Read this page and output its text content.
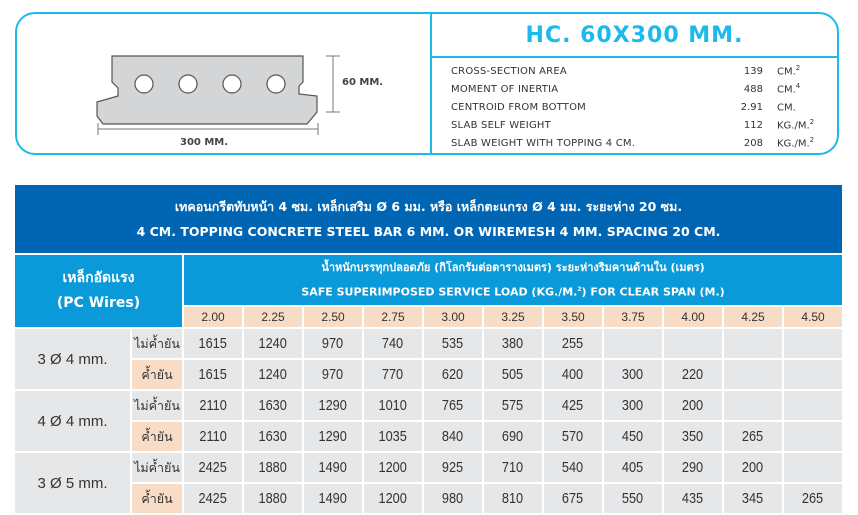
60 MM.
300 MM.
HC. 60X300 MM.
CROSS-SECTION AREA	139 CM.$^2$
MOMENT OF INERTIA	488 CM.$^4$
CENTROID FROM BOTTOM	2.91 CM.
SLAB SELF WEIGHT	112 KG./M.$^2$
SLAB WEIGHT WITH TOPPING 4 CM.	208 KG./M.$^2$
เทคอนกรีตทับหน้า 4 ซม. เหล็กเสริม Ø 6 มม. หรือ เหล็กตะแกรง Ø 4 มม. ระยะห่าง 20 ซม.
4 CM. TOPPING CONCRETE STEEL BAR 6 MM. OR WIREMESH 4 MM. SPACING 20 CM.
เหล็กอัดแรง
(PC Wires)
น้ำหนักบรรทุกปลอดภัย (กิโลกรัมต่อตารางเมตร) ระยะห่างริมคานด้านใน (เมตร)
SAFE SUPERIMPOSED SERVICE LOAD (KG./M.$^2$) FOR CLEAR SPAN (M.)
2.00	2.25	2.50	2.75	3.00	3.25	3.50	3.75	4.00	4.25	4.50
3 Ø 4 mm.
ไม่ค้ำยัน 1615 1240 970	740	535	380	255
ค้ำยัน	1615 1240 970	770	620	505	400	300	220
4 Ø 4 mm.
ไม่ค้ำยัน 2110 1630 1290 1010 765	575	425	300	200
ค้ำยัน	2110 1630 1290 1035 840	690	570	450	350	265
3 Ø 5 mm.
ไม่ค้ำยัน 2425 1880 1490 1200 925	710	540	405	290	200
ค้ำยัน	2425 1880 1490 1200 980	810	675	550	435	345	265
